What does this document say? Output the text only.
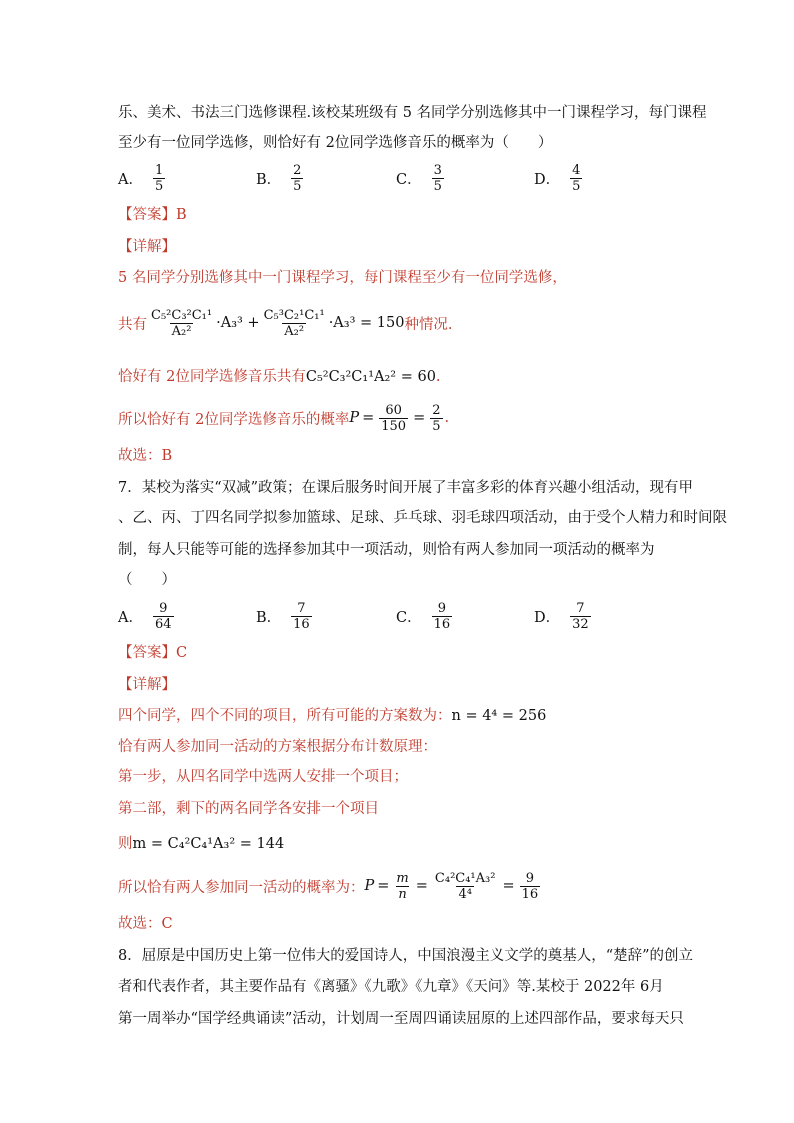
乐、美术、书法三门选修课程.该校某班级有 5 名同学分别选修其中一门课程学习，每门课程
至少有一位同学选修，则恰好有 2位同学选修音乐的概率为（　　）
A． $\frac{1}{5}$	B． $\frac{2}{5}$	C． $\frac{3}{5}$	D． $\frac{4}{5}$
【答案】B
【详解】
5 名同学分别选修其中一门课程学习，每门课程至少有一位同学选修，
共有 $\frac{\text{C₅²C₃²C₁¹}}{\text{A₂²}} \cdot A_3^3 + \frac{\text{C₅³C₂¹C₁¹}}{\text{A₂²}} \cdot A_3^3 = 150$ 种情况.
恰好有 2位同学选修音乐共有C₅²C₃²C₁¹A₂² = 60.
所以恰好有 2位同学选修音乐的概率 $P = \frac{60}{150} = \frac{2}{5}$ .
故选：B
7．某校为落实“双减”政策；在课后服务时间开展了丰富多彩的体育兴趣小组活动，现有甲
、乙、丙、丁四名同学拟参加篮球、足球、乒乓球、羽毛球四项活动，由于受个人精力和时间限
制，每人只能等可能的选择参加其中一项活动，则恰有两人参加同一项活动的概率为
（　　）
A． $\frac{9}{64}$	B． $\frac{7}{16}$	C． $\frac{9}{16}$	D． $\frac{7}{32}$
【答案】C
【详解】
四个同学，四个不同的项目，所有可能的方案数为：n = 4⁴ = 256
恰有两人参加同一活动的方案根据分布计数原理：
第一步，从四名同学中选两人安排一个项目；
第二部，剩下的两名同学各安排一个项目
则m = C₄²C₄¹A₃² = 144
所以恰有两人参加同一活动的概率为： $P = \frac{m}{n} = \frac{\text{C₄²C₄¹A₃²}}{\text{4⁴}} = \frac{9}{16}$
故选：C
8．屈原是中国历史上第一位伟大的爱国诗人，中国浪漫主义文学的奠基人，“楚辞”的创立
者和代表作者，其主要作品有《离骚》《九歌》《九章》《天问》等.某校于 2022年 6月
第一周举办“国学经典诵读”活动，计划周一至周四诵读屈原的上述四部作品，要求每天只
